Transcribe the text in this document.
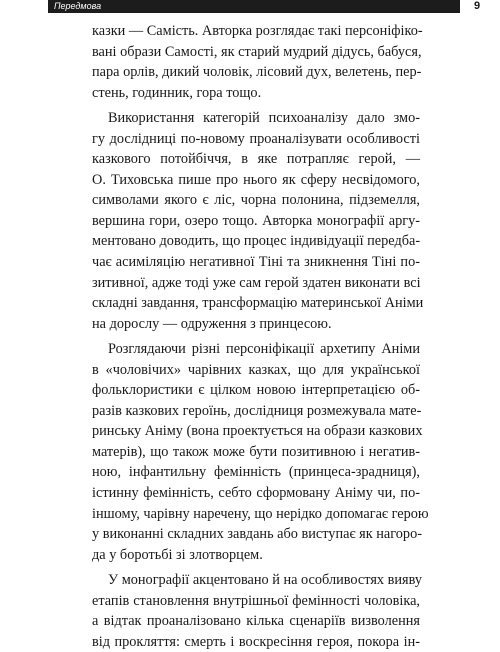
Передмова	9
казки — Самість. Авторка розглядає такі персоніфіко-
вані образи Самості, як старий мудрий дідусь, бабуся,
пара орлів, дикий чоловік, лісовий дух, велетень, пер-
стень, годинник, гора тощо.
Використання категорій психоаналізу дало змо-
гу дослідниці по-новому проаналізувати особливості
казкового потойбіччя, в яке потрапляє герой, —
О. Тиховська пише про нього як сферу несвідомого,
символами якого є ліс, чорна полонина, підземелля,
вершина гори, озеро тощо. Авторка монографії аргу-
ментовано доводить, що процес індивідуації передба-
чає асиміляцію негативної Тіні та зникнення Тіні по-
зитивної, адже тоді уже сам герой здатен виконати всі
складні завдання, трансформацію материнської Аніми
на дорослу — одруження з принцесою.
Розглядаючи різні персоніфікації архетипу Аніми
в «чоловічих» чарівних казках, що для української
фольклористики є цілком новою інтерпретацією об-
разів казкових героїнь, дослідниця розмежувала мате-
ринську Аніму (вона проектується на образи казкових
матерів), що також може бути позитивною і негатив-
ною, інфантильну фемінність (принцеса-зрадниця),
істинну фемінність, себто сформовану Аніму чи, по-
іншому, чарівну наречену, що нерідко допомагає герою
у виконанні складних завдань або виступає як нагоро-
да у боротьбі зі злотворцем.
У монографії акцентовано й на особливостях вияву
етапів становлення внутрішньої фемінності чоловіка,
а відтак проаналізовано кілька сценаріїв визволення
від прокляття: смерть і воскресіння героя, покора ін-
